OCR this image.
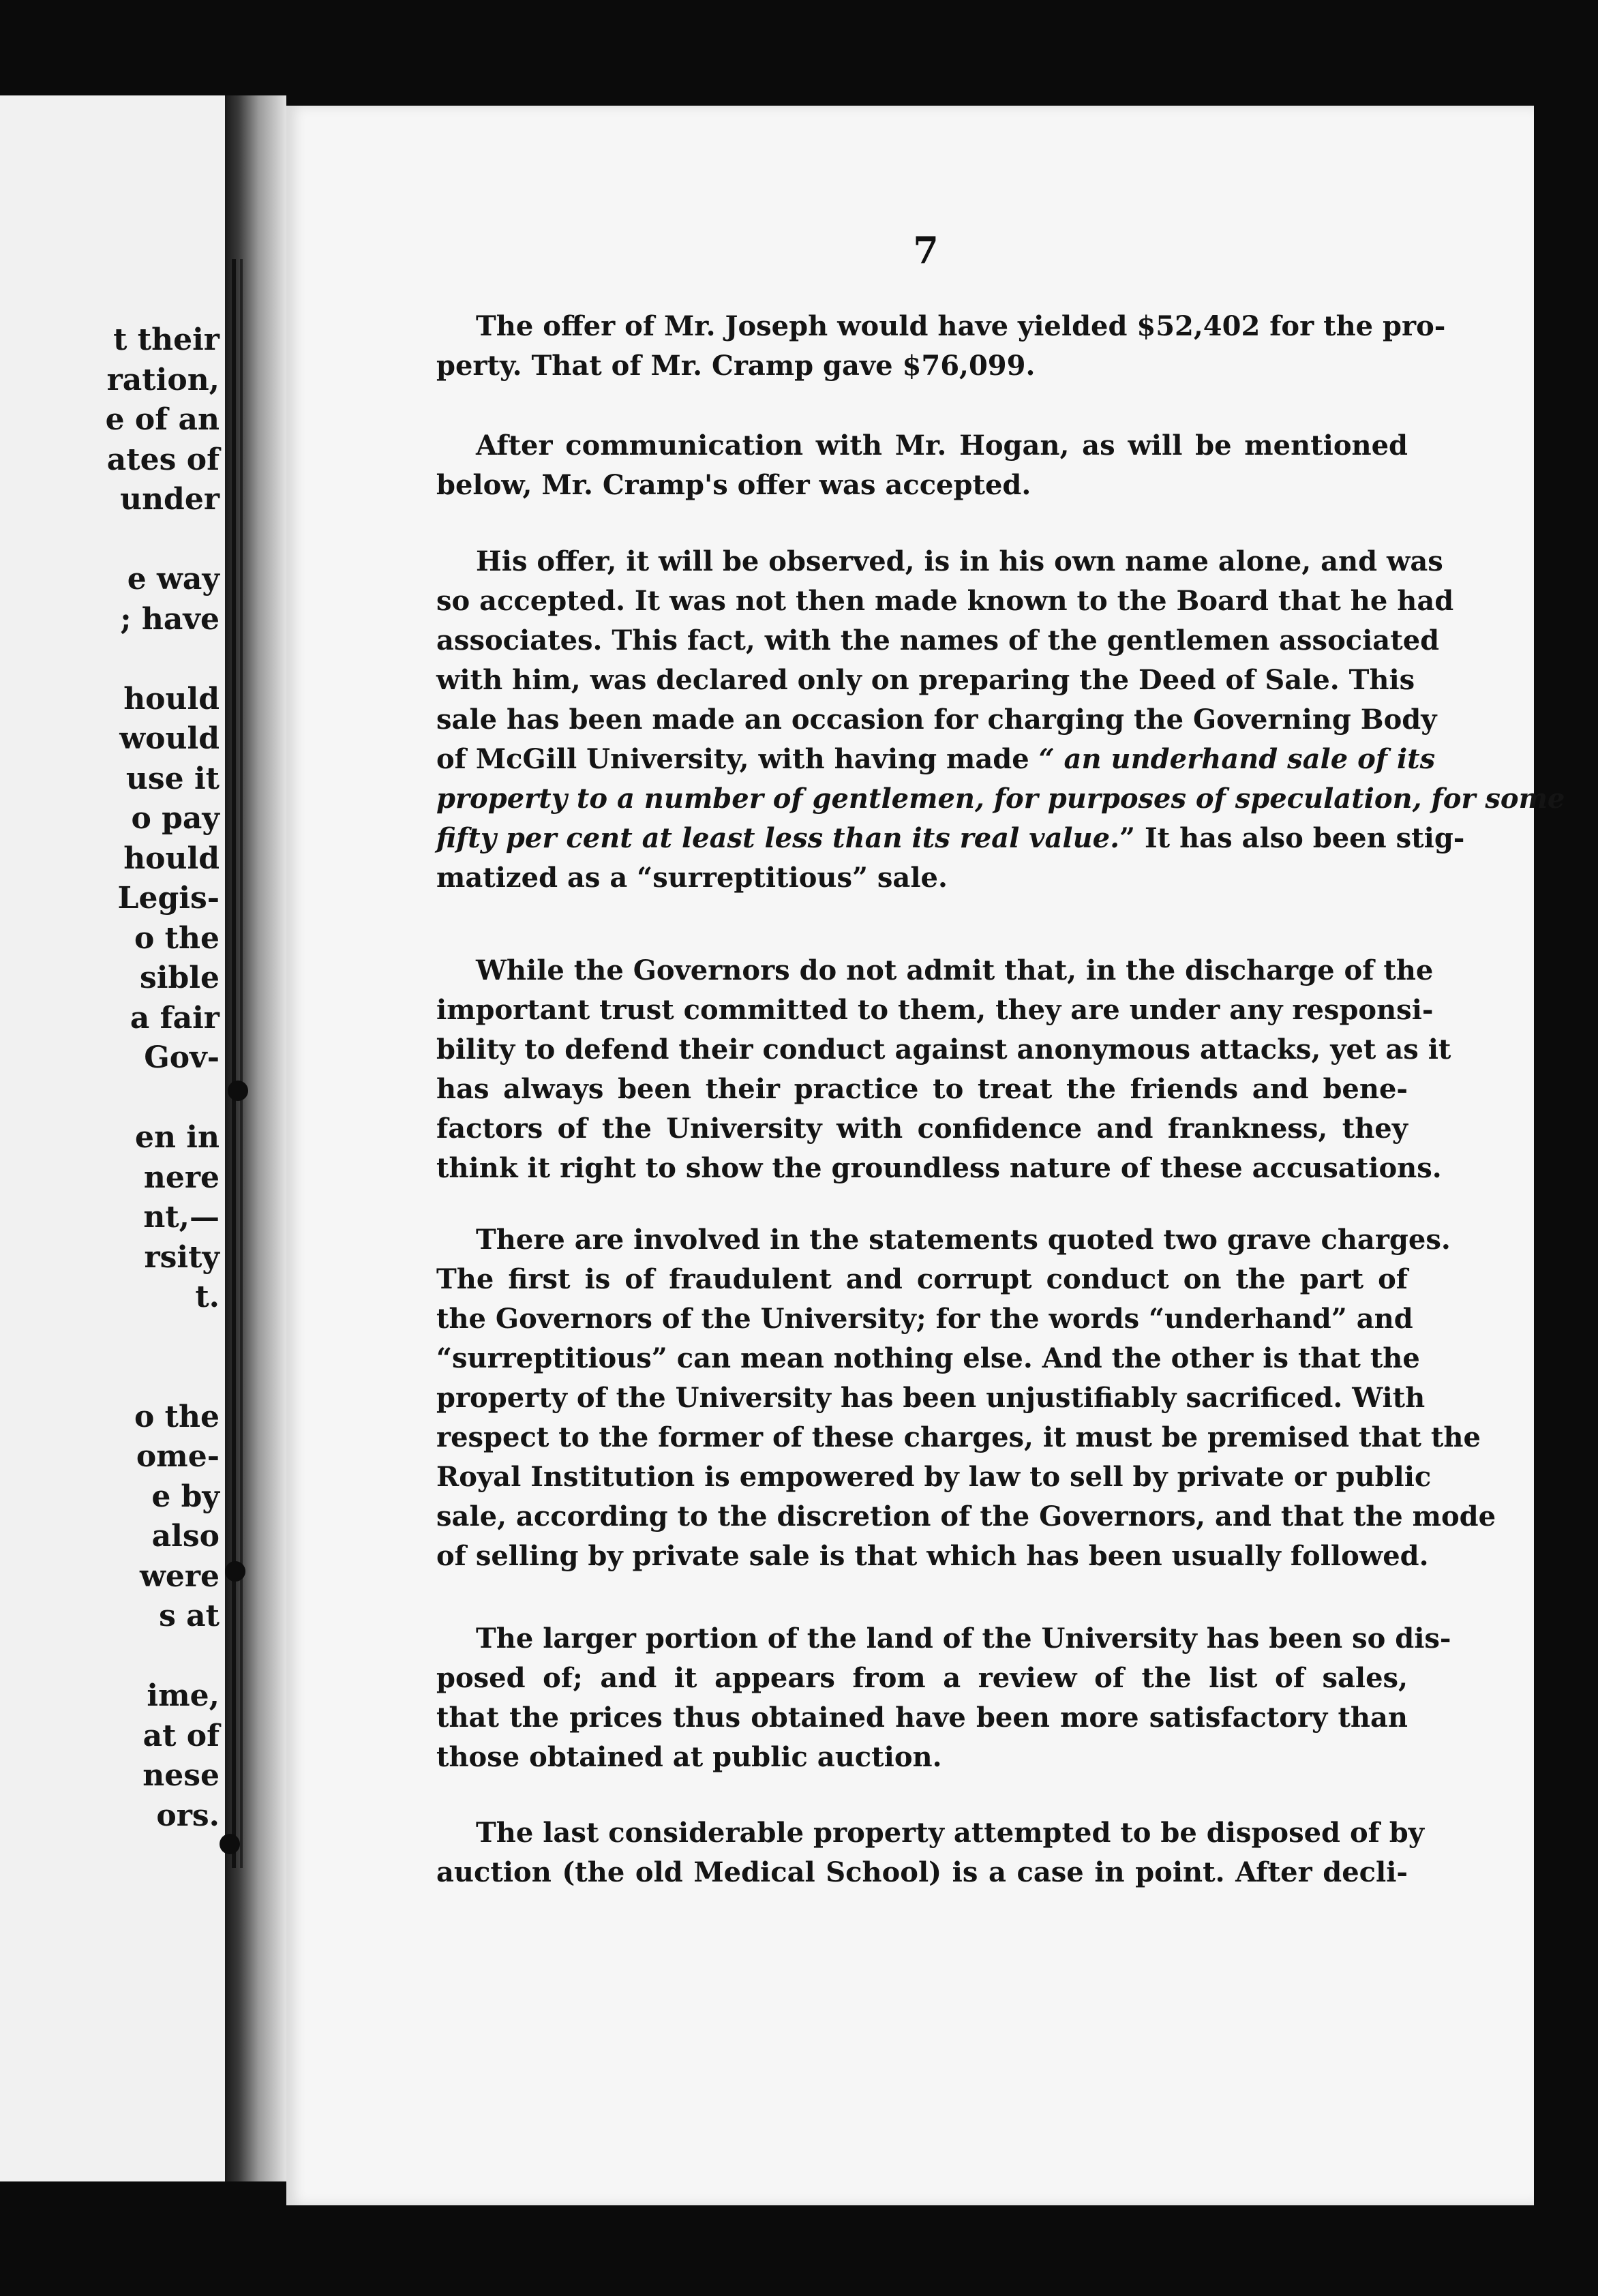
t their
ration,
e of an
ates of
under
e way
; have
hould
would
use it
o pay
hould
Legis-
o the
sible
a fair
Gov-
en in
nere
nt,—
rsity
t.
o the
ome-
e by
also
were
s at
ime,
at of
nese
ors.
7
The offer of Mr. Joseph would have yielded $52,402 for the pro-
perty. That of Mr. Cramp gave $76,099.
After communication with Mr. Hogan, as will be mentioned
below, Mr. Cramp's offer was accepted.
His offer, it will be observed, is in his own name alone, and was
so accepted. It was not then made known to the Board that he had
associates. This fact, with the names of the gentlemen associated
with him, was declared only on preparing the Deed of Sale. This
sale has been made an occasion for charging the Governing Body
of McGill University, with having made “ an underhand sale of its
property to a number of gentlemen, for purposes of speculation, for some
fifty per cent at least less than its real value.” It has also been stig-
matized as a “surreptitious” sale.
While the Governors do not admit that, in the discharge of the
important trust committed to them, they are under any responsi-
bility to defend their conduct against anonymous attacks, yet as it
has always been their practice to treat the friends and bene-
factors of the University with confidence and frankness, they
think it right to show the groundless nature of these accusations.
There are involved in the statements quoted two grave charges.
The first is of fraudulent and corrupt conduct on the part of
the Governors of the University; for the words “underhand” and
“surreptitious” can mean nothing else. And the other is that the
property of the University has been unjustifiably sacrificed. With
respect to the former of these charges, it must be premised that the
Royal Institution is empowered by law to sell by private or public
sale, according to the discretion of the Governors, and that the mode
of selling by private sale is that which has been usually followed.
The larger portion of the land of the University has been so dis-
posed of; and it appears from a review of the list of sales,
that the prices thus obtained have been more satisfactory than
those obtained at public auction.
The last considerable property attempted to be disposed of by
auction (the old Medical School) is a case in point. After decli-
